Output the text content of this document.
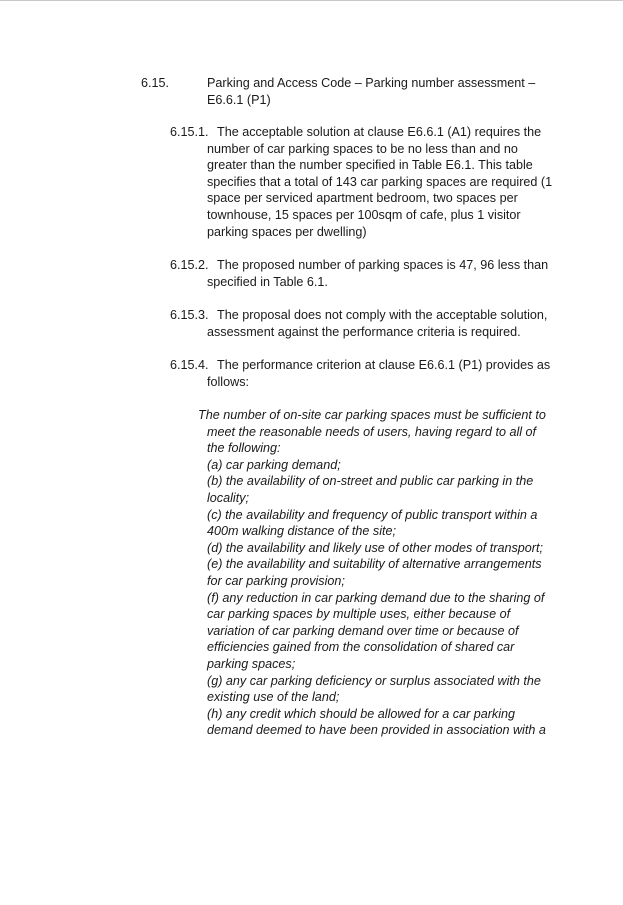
6.15.	Parking and Access Code – Parking number assessment –
E6.6.1 (P1)
6.15.1. The acceptable solution at clause E6.6.1 (A1) requires the
number of car parking spaces to be no less than and no
greater than the number specified in Table E6.1. This table
specifies that a total of 143 car parking spaces are required (1
space per serviced apartment bedroom, two spaces per
townhouse, 15 spaces per 100sqm of cafe, plus 1 visitor
parking spaces per dwelling)
6.15.2. The proposed number of parking spaces is 47, 96 less than
specified in Table 6.1.
6.15.3. The proposal does not comply with the acceptable solution,
assessment against the performance criteria is required.
6.15.4. The performance criterion at clause E6.6.1 (P1) provides as
follows:
The number of on-site car parking spaces must be sufficient to
meet the reasonable needs of users, having regard to all of
the following:
(a) car parking demand;
(b) the availability of on-street and public car parking in the
locality;
(c) the availability and frequency of public transport within a
400m walking distance of the site;
(d) the availability and likely use of other modes of transport;
(e) the availability and suitability of alternative arrangements
for car parking provision;
(f) any reduction in car parking demand due to the sharing of
car parking spaces by multiple uses, either because of
variation of car parking demand over time or because of
efficiencies gained from the consolidation of shared car
parking spaces;
(g) any car parking deficiency or surplus associated with the
existing use of the land;
(h) any credit which should be allowed for a car parking
demand deemed to have been provided in association with a
